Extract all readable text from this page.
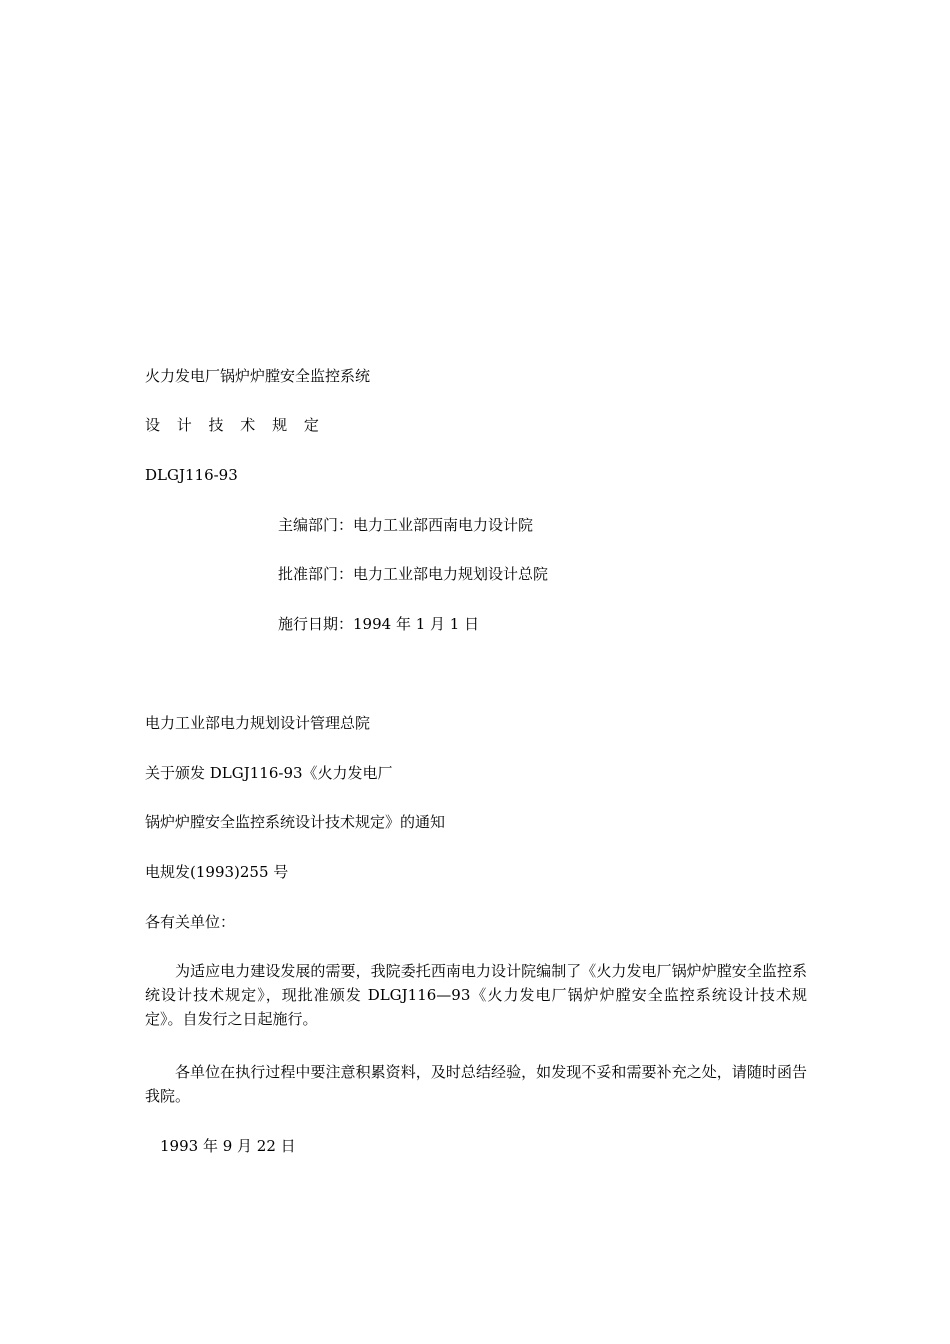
火力发电厂锅炉炉膛安全监控系统
设 计 技 术 规 定
DLGJ116-93
主编部门：电力工业部西南电力设计院
批准部门：电力工业部电力规划设计总院
施行日期：1994 年 1 月 1 日
电力工业部电力规划设计管理总院
关于颁发 DLGJ116-93《火力发电厂
锅炉炉膛安全监控系统设计技术规定》的通知
电规发(1993)255 号
各有关单位：
为适应电力建设发展的需要，我院委托西南电力设计院编制了《火力发电厂锅炉炉膛安全监控系统设计技术规定》，现批准颁发 DLGJ116—93《火力发电厂锅炉炉膛安全监控系统设计技术规定》。自发行之日起施行。
各单位在执行过程中要注意积累资料，及时总结经验，如发现不妥和需要补充之处，请随时函告我院。
1993 年 9 月 22 日
